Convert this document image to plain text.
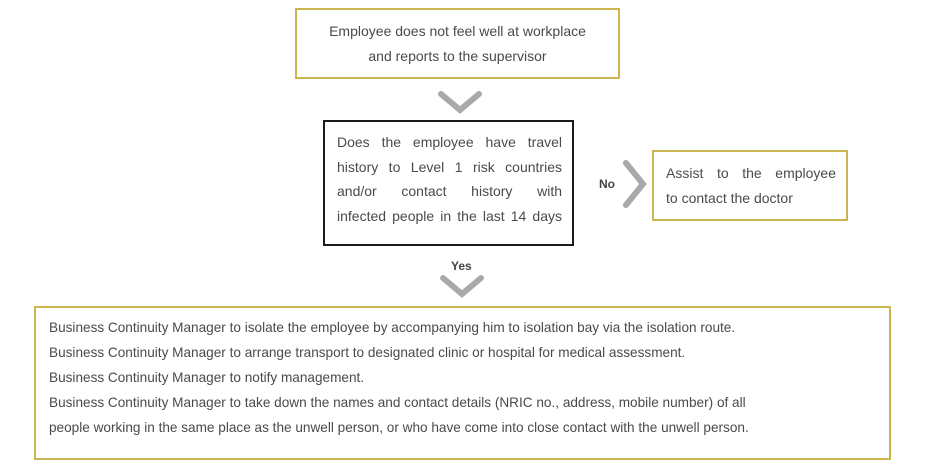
Employee does not feel well at workplace
and reports to the supervisor
Does the employee have travel
history to Level 1 risk countries
and/or contact history with
infected people in the last 14 days
No
Assist to the employee
to contact the doctor
Yes
Business Continuity Manager to isolate the employee by accompanying him to isolation bay via the isolation route.
Business Continuity Manager to arrange transport to designated clinic or hospital for medical assessment.
Business Continuity Manager to notify management.
Business Continuity Manager to take down the names and contact details (NRIC no., address, mobile number) of all
people working in the same place as the unwell person, or who have come into close contact with the unwell person.
